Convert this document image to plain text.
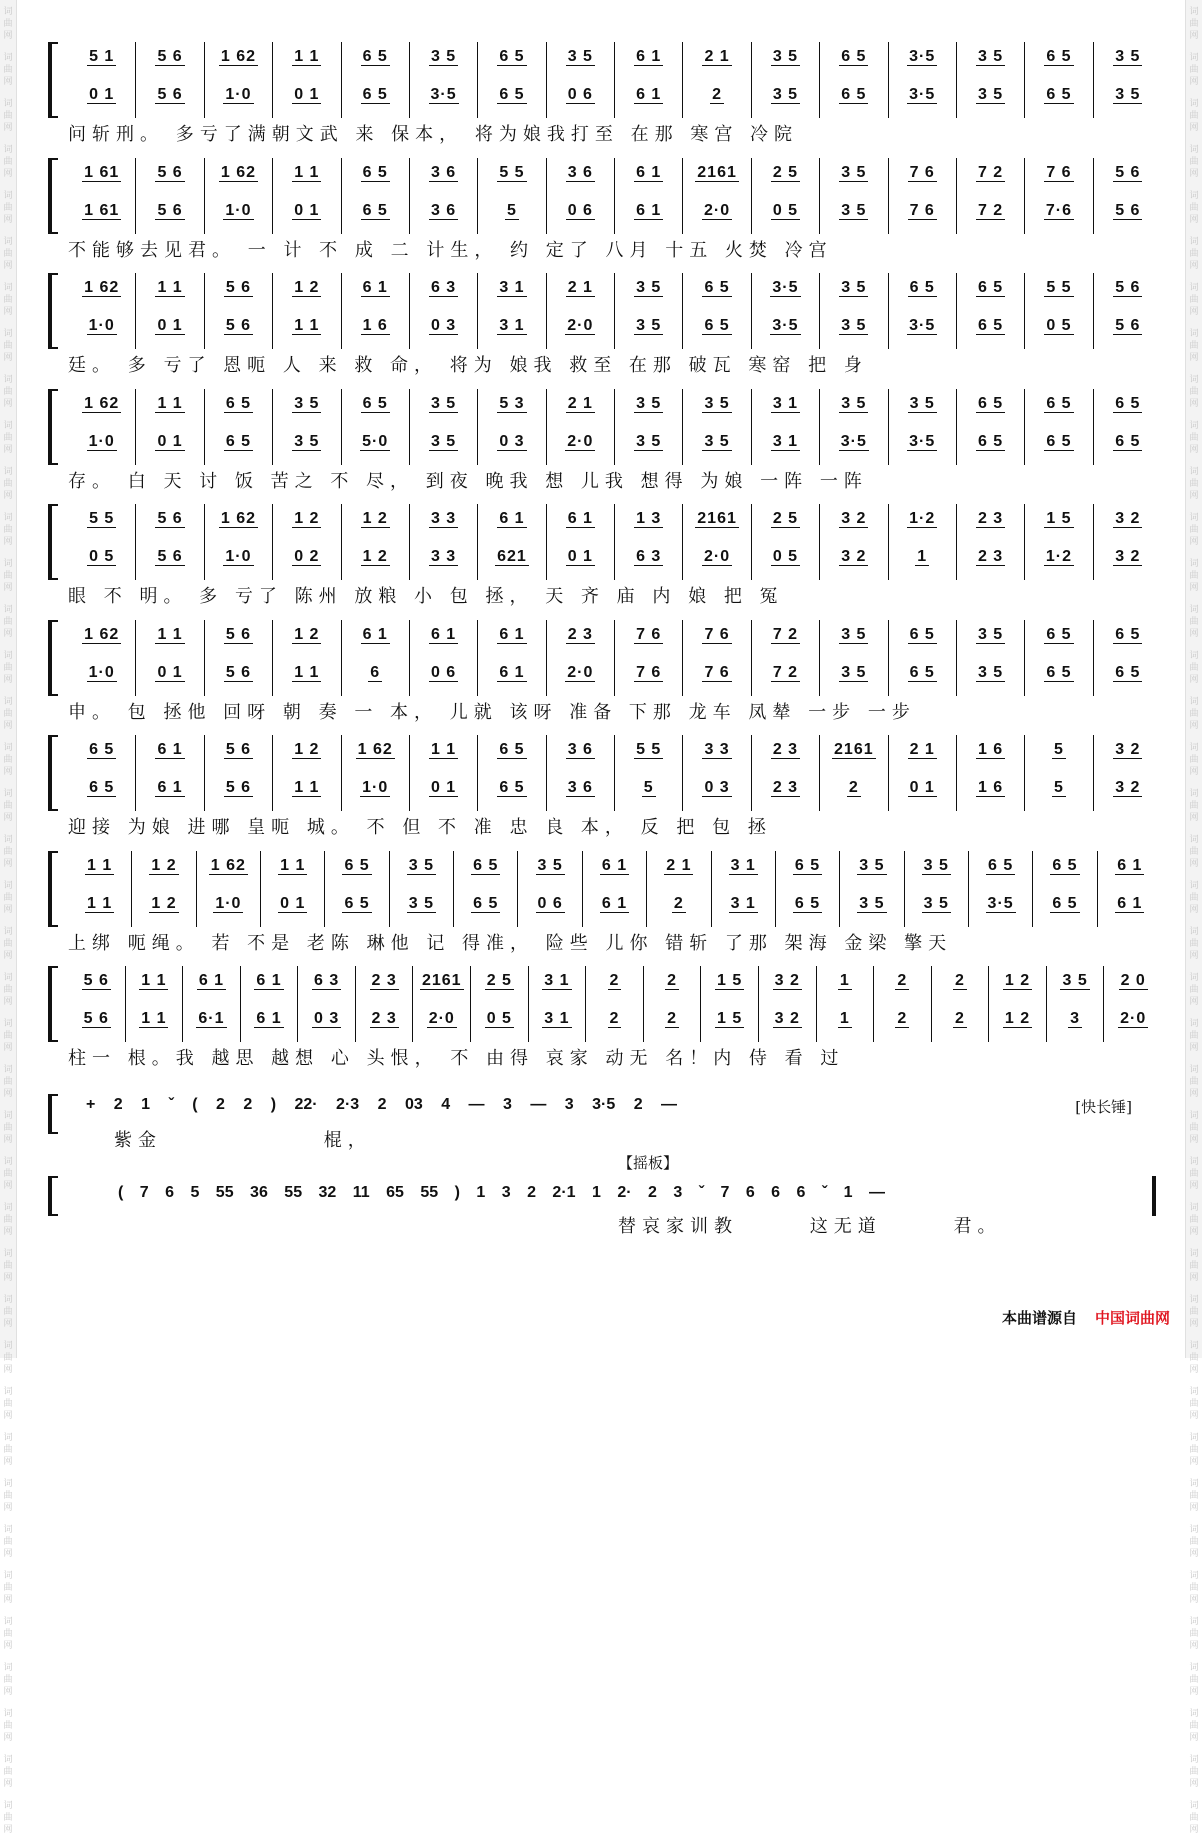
词
曲
网
词
曲
网
词
曲
网
词
曲
网
词
曲
网
词
曲
网
词
曲
网
词
曲
网
词
曲
网
词
曲
网
词
曲
网
词
曲
网
词
曲
网
词
曲
网
词
曲
网
词
曲
网
词
曲
网
词
曲
网
词
曲
网
词
曲
网
词
曲
网
词
曲
网
词
曲
网
词
曲
网
词
曲
网
词
曲
网
词
曲
网
词
曲
网
词
曲
网
词
曲
网
词
曲
网
词
曲
网
词
曲
网
词
曲
网
词
曲
网
词
曲
网
词
曲
网
词
曲
网
词
曲
网
词
曲
网
词
曲
网
词
曲
网
词
曲
网
词
曲
网
词
曲
网
词
曲
网
词
曲
网
词
曲
网
词
曲
网
词
曲
网
词
曲
网
词
曲
网
词
曲
网
词
曲
网
词
曲
网
词
曲
网
词
曲
网
词
曲
网
词
曲
网
词
曲
网
词
曲
网
词
曲
网
词
曲
网
词
曲
网
词
曲
网
词
曲
网
词
曲
网
词
曲
网
词
曲
网
词
曲
网
词
曲
网
词
曲
网
词
曲
网
词
曲
网
词
曲
网
词
曲
网
词
曲
网
词
曲
网
词
曲
网
词
曲
网
5 1
0 1
5 6
5 6
1 62
1·0
1 1
0 1
6 5
6 5
3 5
3·5
6 5
6 5
3 5
0 6
6 1
6 1
2 1
2
3 5
3 5
6 5
6 5
3·5
3·5
3 5
3 5
6 5
6 5
3 5
3 5
问斩刑。 多亏了满朝文武 来 保本， 将为娘我打至 在那 寒宫 冷院
1 61
1 61
5 6
5 6
1 62
1·0
1 1
0 1
6 5
6 5
3 6
3 6
5 5
5
3 6
0 6
6 1
6 1
2161
2·0
2 5
0 5
3 5
3 5
7 6
7 6
7 2
7 2
7 6
7·6
5 6
5 6
不能够去见君。 一 计 不 成 二 计生， 约 定了 八月 十五 火焚 冷宫
1 62
1·0
1 1
0 1
5 6
5 6
1 2
1 1
6 1
1 6
6 3
0 3
3 1
3 1
2 1
2·0
3 5
3 5
6 5
6 5
3·5
3·5
3 5
3 5
6 5
3·5
6 5
6 5
5 5
0 5
5 6
5 6
廷。 多 亏了 恩呃 人 来 救 命， 将为 娘我 救至 在那 破瓦 寒窑 把 身
1 62
1·0
1 1
0 1
6 5
6 5
3 5
3 5
6 5
5·0
3 5
3 5
5 3
0 3
2 1
2·0
3 5
3 5
3 5
3 5
3 1
3 1
3 5
3·5
3 5
3·5
6 5
6 5
6 5
6 5
6 5
6 5
存。 白 天 讨 饭 苦之 不 尽， 到夜 晚我 想 儿我 想得 为娘 一阵 一阵
5 5
0 5
5 6
5 6
1 62
1·0
1 2
0 2
1 2
1 2
3 3
3 3
6 1
621
6 1
0 1
1 3
6 3
2161
2·0
2 5
0 5
3 2
3 2
1·2
1
2 3
2 3
1 5
1·2
3 2
3 2
眼 不 明。 多 亏了 陈州 放粮 小 包 拯， 天 齐 庙 内 娘 把 冤
1 62
1·0
1 1
0 1
5 6
5 6
1 2
1 1
6 1
6
6 1
0 6
6 1
6 1
2 3
2·0
7 6
7 6
7 6
7 6
7 2
7 2
3 5
3 5
6 5
6 5
3 5
3 5
6 5
6 5
6 5
6 5
申。 包 拯他 回呀 朝 奏 一 本， 儿就 该呀 准备 下那 龙车 凤辇 一步 一步
6 5
6 5
6 1
6 1
5 6
5 6
1 2
1 1
1 62
1·0
1 1
0 1
6 5
6 5
3 6
3 6
5 5
5
3 3
0 3
2 3
2 3
2161
2
2 1
0 1
1 6
1 6
5
5
3 2
3 2
迎接 为娘 进哪 皇呃 城。 不 但 不 准 忠 良 本， 反 把 包 拯
1 1
1 1
1 2
1 2
1 62
1·0
1 1
0 1
6 5
6 5
3 5
3 5
6 5
6 5
3 5
0 6
6 1
6 1
2 1
2
3 1
3 1
6 5
6 5
3 5
3 5
3 5
3 5
6 5
3·5
6 5
6 5
6 1
6 1
上绑 呃绳。 若 不是 老陈 琳他 记 得准， 险些 儿你 错斩 了那 架海 金梁 擎天
5 6
5 6
1 1
1 1
6 1
6·1
6 1
6 1
6 3
0 3
2 3
2 3
2161
2·0
2 5
0 5
3 1
3 1
2
2
2
2
1 5
1 5
3 2
3 2
1
1
2
2
2
2
1 2
1 2
3 5
3
2 0
2·0
柱一 根。我 越思 越想 心 头恨， 不 由得 哀家 动无 名！内 侍 看 过
+ 2 1 ˇ ( 2 2 ) 22· 2·3 2 03 4 — 3 — 3 3·5 2 —	[快长锤]
紫金 棍，
【摇板】
( 7 6 5 55 36 55 32 11 65 55 ) 1 3 2 2·1 1 2· 2 3 ˇ 7 6 6 6 ˇ 1 —
替哀家训教 这无道 君。
本曲谱源自 中国词曲网
